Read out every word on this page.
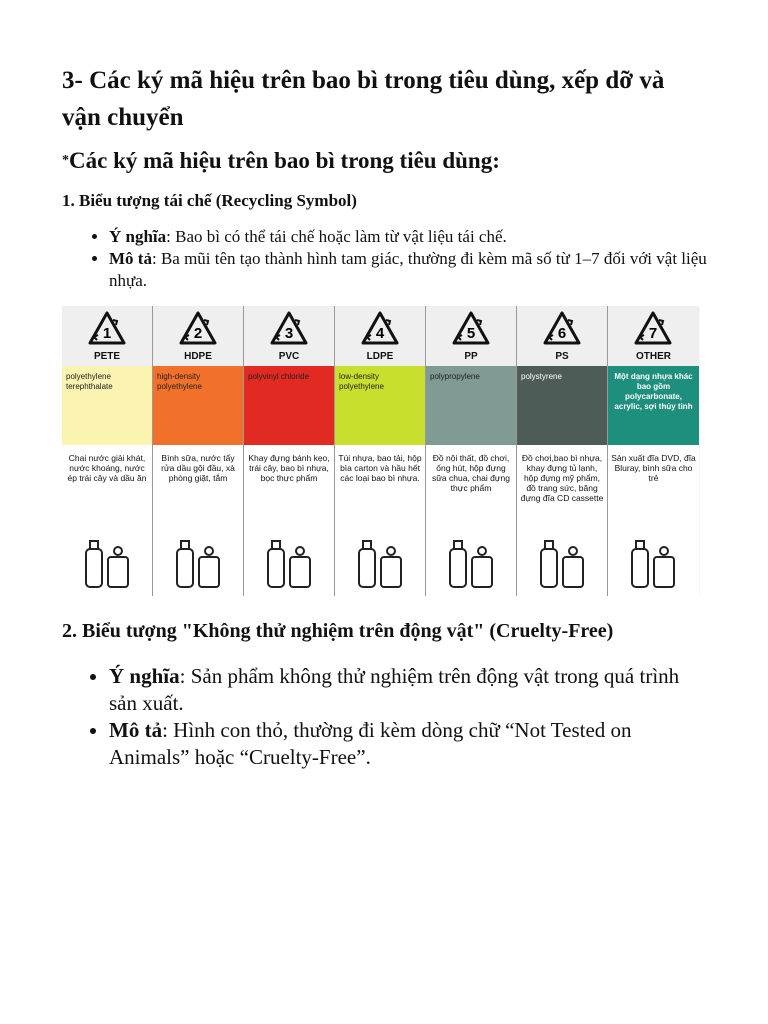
3- Các ký mã hiệu trên bao bì trong tiêu dùng, xếp dỡ và vận chuyển
*Các ký mã hiệu trên bao bì trong tiêu dùng:
1. Biểu tượng tái chế (Recycling Symbol)
• Ý nghĩa: Bao bì có thể tái chế hoặc làm từ vật liệu tái chế.
• Mô tả: Ba mũi tên tạo thành hình tam giác, thường đi kèm mã số từ 1–7 đối với vật liệu nhựa.
1
PETE
polyethylene terephthalate
Chai nước giải khát, nước khoáng, nước ép trái cây và dầu ăn
2
HDPE
high-density polyethylene
Bình sữa, nước tẩy rửa dầu gội đầu, xà phòng giặt, tắm
3
PVC
polyvinyl chloride
Khay đựng bánh kẹo, trái cây, bao bì nhựa, bọc thực phẩm
4
LDPE
low-density polyethylene
Túi nhựa, bao tải, hộp bìa carton và hầu hết các loại bao bì nhựa.
5
PP
polypropylene
Đồ nội thất, đồ chơi, ống hút, hộp đựng sữa chua, chai đựng thực phẩm
6
PS
polystyrene
Đồ chơi,bao bì nhựa, khay đựng tủ lạnh, hộp đựng mỹ phẩm, đồ trang sức, băng đựng đĩa CD cassette
7
OTHER
Một dạng nhựa khác bao gồm polycarbonate, acrylic, sợi thủy tinh
Sản xuất đĩa DVD, đĩa Bluray, bình sữa cho trẻ
2. Biểu tượng "Không thử nghiệm trên động vật" (Cruelty-Free)
• Ý nghĩa: Sản phẩm không thử nghiệm trên động vật trong quá trình sản xuất.
• Mô tả: Hình con thỏ, thường đi kèm dòng chữ “Not Tested on Animals” hoặc “Cruelty-Free”.
